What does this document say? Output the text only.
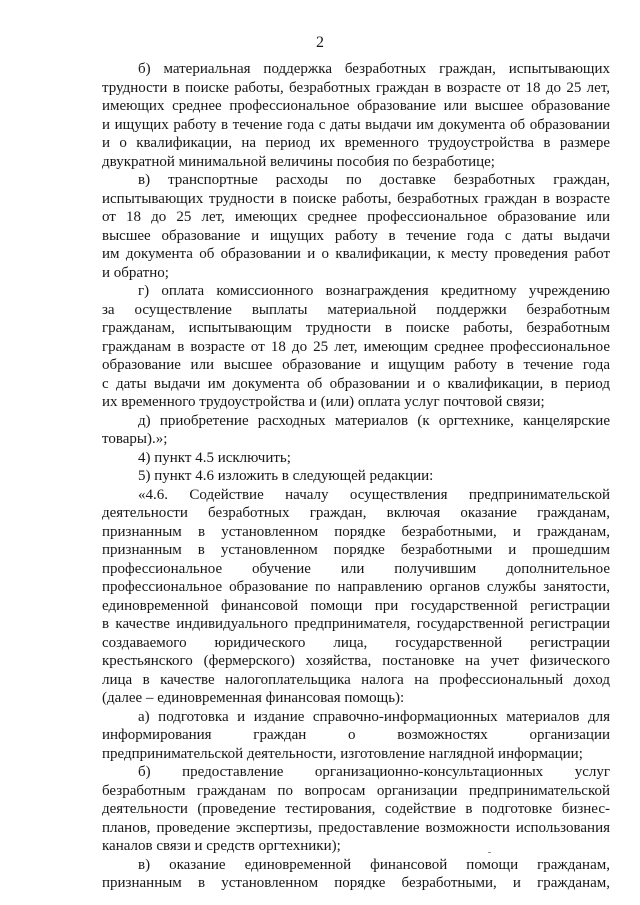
2
б) материальная поддержка безработных граждан, испытывающих
трудности в поиске работы, безработных граждан в возрасте от 18 до 25 лет,
имеющих среднее профессиональное образование или высшее образование
и ищущих работу в течение года с даты выдачи им документа об образовании
и о квалификации, на период их временного трудоустройства в размере
двукратной минимальной величины пособия по безработице;
в) транспортные расходы по доставке безработных граждан,
испытывающих трудности в поиске работы, безработных граждан в возрасте
от 18 до 25 лет, имеющих среднее профессиональное образование или
высшее образование и ищущих работу в течение года с даты выдачи
им документа об образовании и о квалификации, к месту проведения работ
и обратно;
г) оплата комиссионного вознаграждения кредитному учреждению
за осуществление выплаты материальной поддержки безработным
гражданам, испытывающим трудности в поиске работы, безработным
гражданам в возрасте от 18 до 25 лет, имеющим среднее профессиональное
образование или высшее образование и ищущим работу в течение года
с даты выдачи им документа об образовании и о квалификации, в период
их временного трудоустройства и (или) оплата услуг почтовой связи;
д) приобретение расходных материалов (к оргтехнике, канцелярские
товары).»;
4) пункт 4.5 исключить;
5) пункт 4.6 изложить в следующей редакции:
«4.6. Содействие началу осуществления предпринимательской
деятельности безработных граждан, включая оказание гражданам,
признанным в установленном порядке безработными, и гражданам,
признанным в установленном порядке безработными и прошедшим
профессиональное обучение или получившим дополнительное
профессиональное образование по направлению органов службы занятости,
единовременной финансовой помощи при государственной регистрации
в качестве индивидуального предпринимателя, государственной регистрации
создаваемого юридического лица, государственной регистрации
крестьянского (фермерского) хозяйства, постановке на учет физического
лица в качестве налогоплательщика налога на профессиональный доход
(далее – единовременная финансовая помощь):
а) подготовка и издание справочно-информационных материалов для
информирования граждан о возможностях организации
предпринимательской деятельности, изготовление наглядной информации;
б) предоставление организационно-консультационных услуг
безработным гражданам по вопросам организации предпринимательской
деятельности (проведение тестирования, содействие в подготовке бизнес-
планов, проведение экспертизы, предоставление возможности использования
каналов связи и средств оргтехники);
в) оказание единовременной финансовой помощи гражданам,
признанным в установленном порядке безработными, и гражданам,
